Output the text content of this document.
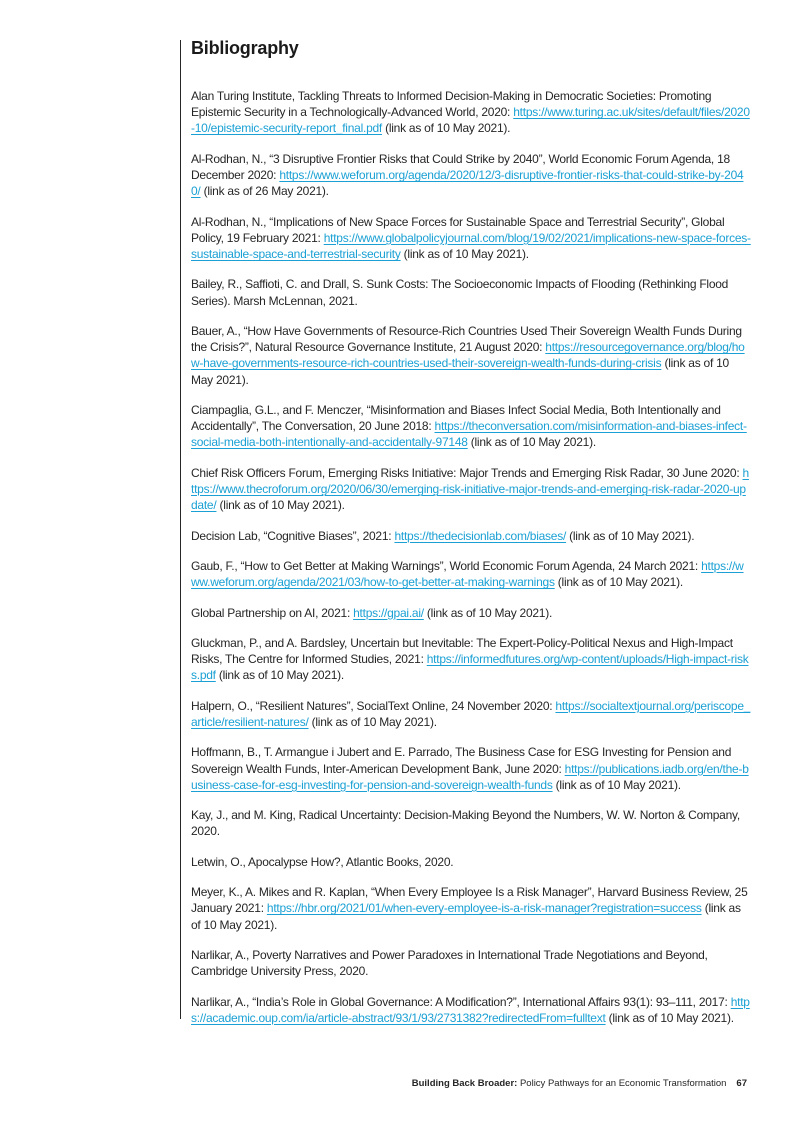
Bibliography
Alan Turing Institute, Tackling Threats to Informed Decision-Making in Democratic Societies: Promoting Epistemic Security in a Technologically-Advanced World, 2020: https://www.turing.ac.uk/sites/default/files/2020-10/epistemic-security-report_final.pdf (link as of 10 May 2021).
Al-Rodhan, N., “3 Disruptive Frontier Risks that Could Strike by 2040”, World Economic Forum Agenda, 18 December 2020: https://www.weforum.org/agenda/2020/12/3-disruptive-frontier-risks-that-could-strike-by-2040/ (link as of 26 May 2021).
Al-Rodhan, N., “Implications of New Space Forces for Sustainable Space and Terrestrial Security”, Global Policy, 19 February 2021: https://www.globalpolicyjournal.com/blog/19/02/2021/implications-new-space-forces-sustainable-space-and-terrestrial-security (link as of 10 May 2021).
Bailey, R., Saffioti, C. and Drall, S. Sunk Costs: The Socioeconomic Impacts of Flooding (Rethinking Flood Series). Marsh McLennan, 2021.
Bauer, A., “How Have Governments of Resource-Rich Countries Used Their Sovereign Wealth Funds During the Crisis?”, Natural Resource Governance Institute, 21 August 2020: https://resourcegovernance.org/blog/how-have-governments-resource-rich-countries-used-their-sovereign-wealth-funds-during-crisis (link as of 10 May 2021).
Ciampaglia, G.L., and F. Menczer, “Misinformation and Biases Infect Social Media, Both Intentionally and Accidentally”, The Conversation, 20 June 2018: https://theconversation.com/misinformation-and-biases-infect-social-media-both-intentionally-and-accidentally-97148 (link as of 10 May 2021).
Chief Risk Officers Forum, Emerging Risks Initiative: Major Trends and Emerging Risk Radar, 30 June 2020: https://www.thecroforum.org/2020/06/30/emerging-risk-initiative-major-trends-and-emerging-risk-radar-2020-update/ (link as of 10 May 2021).
Decision Lab, “Cognitive Biases”, 2021: https://thedecisionlab.com/biases/ (link as of 10 May 2021).
Gaub, F., “How to Get Better at Making Warnings”, World Economic Forum Agenda, 24 March 2021: https://www.weforum.org/agenda/2021/03/how-to-get-better-at-making-warnings (link as of 10 May 2021).
Global Partnership on AI, 2021: https://gpai.ai/ (link as of 10 May 2021).
Gluckman, P., and A. Bardsley, Uncertain but Inevitable: The Expert-Policy-Political Nexus and High-Impact Risks, The Centre for Informed Studies, 2021: https://informedfutures.org/wp-content/uploads/High-impact-risks.pdf (link as of 10 May 2021).
Halpern, O., “Resilient Natures”, SocialText Online, 24 November 2020: https://socialtextjournal.org/periscope_article/resilient-natures/ (link as of 10 May 2021).
Hoffmann, B., T. Armangue i Jubert and E. Parrado, The Business Case for ESG Investing for Pension and Sovereign Wealth Funds, Inter-American Development Bank, June 2020: https://publications.iadb.org/en/the-business-case-for-esg-investing-for-pension-and-sovereign-wealth-funds (link as of 10 May 2021).
Kay, J., and M. King, Radical Uncertainty: Decision-Making Beyond the Numbers, W. W. Norton & Company, 2020.
Letwin, O., Apocalypse How?, Atlantic Books, 2020.
Meyer, K., A. Mikes and R. Kaplan, “When Every Employee Is a Risk Manager”, Harvard Business Review, 25 January 2021: https://hbr.org/2021/01/when-every-employee-is-a-risk-manager?registration=success (link as of 10 May 2021).
Narlikar, A., Poverty Narratives and Power Paradoxes in International Trade Negotiations and Beyond, Cambridge University Press, 2020.
Narlikar, A., “India’s Role in Global Governance: A Modification?”, International Affairs 93(1): 93–111, 2017: https://academic.oup.com/ia/article-abstract/93/1/93/2731382?redirectedFrom=fulltext (link as of 10 May 2021).
Building Back Broader: Policy Pathways for an Economic Transformation 67
